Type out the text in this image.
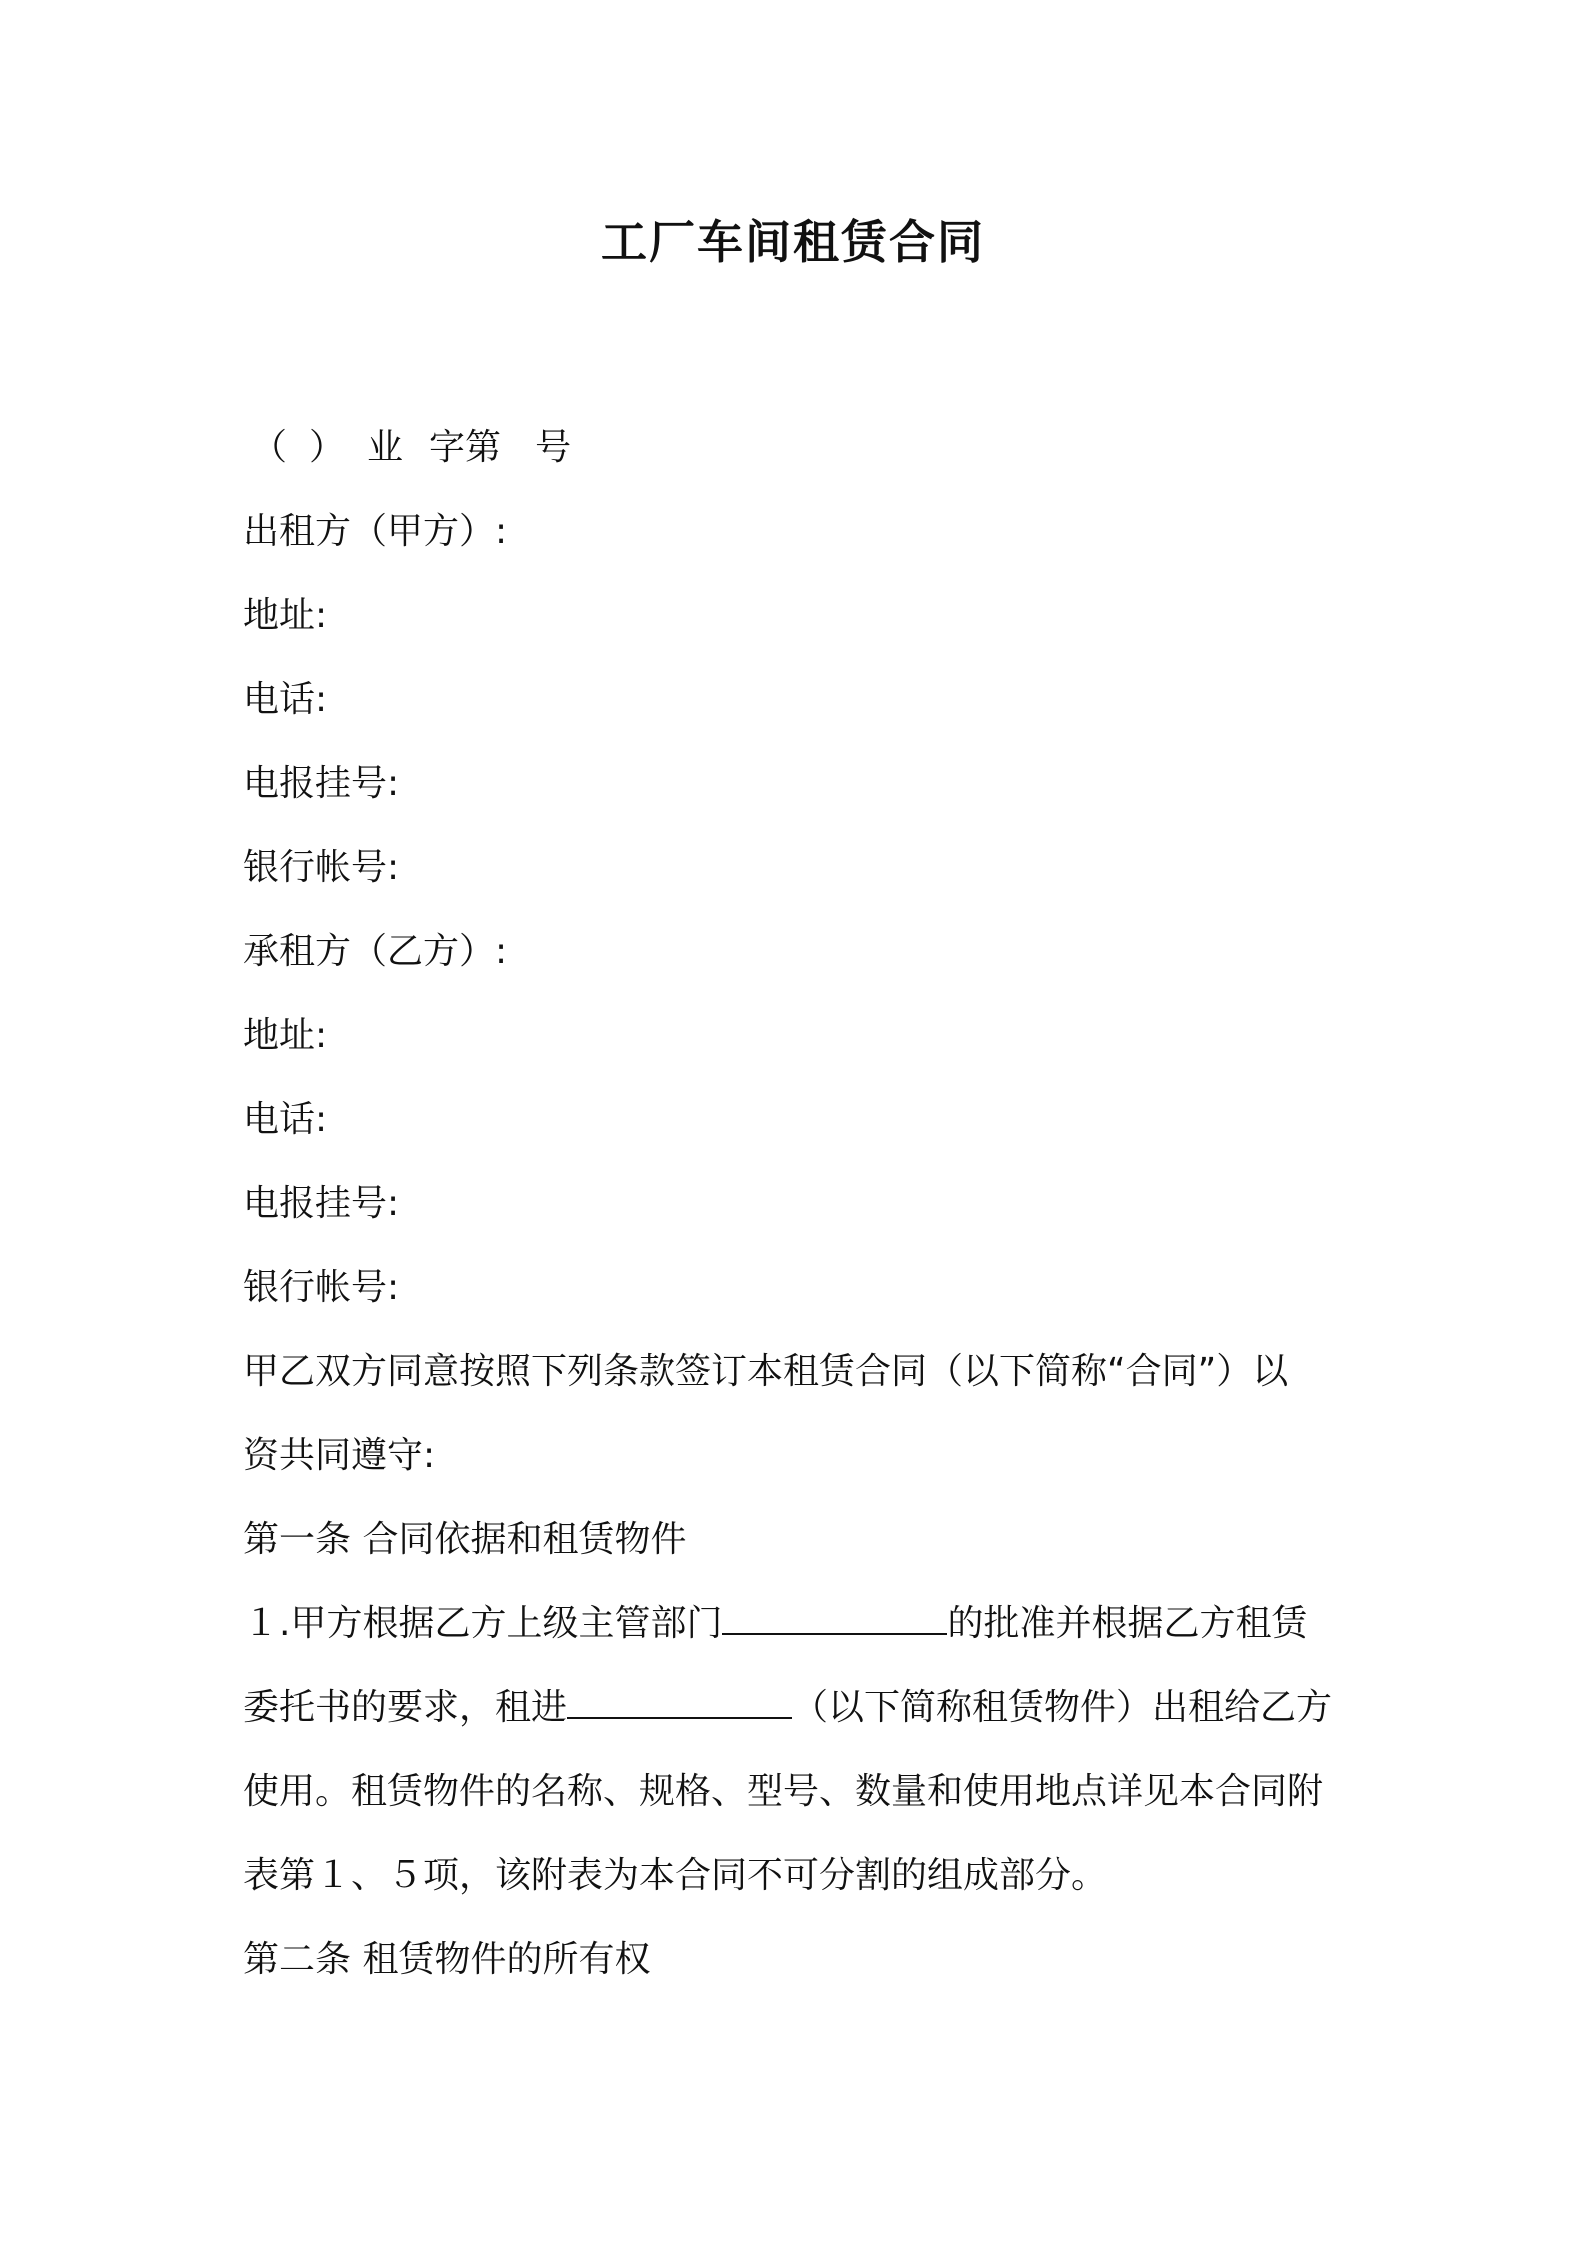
工厂车间租赁合同
（ ） 业 字第 号
出租方（甲方）:
地址:
电话:
电报挂号:
银行帐号:
承租方（乙方）:
地址:
电话:
电报挂号:
银行帐号:
甲乙双方同意按照下列条款签订本租赁合同（以下简称“合同”）以
资共同遵守:
第一条 合同依据和租赁物件
１.甲方根据乙方上级主管部门	的批准并根据乙方租赁
委托书的要求，租进	（以下简称租赁物件）出租给乙方
使用。租赁物件的名称、规格、型号、数量和使用地点详见本合同附
表第１、５项，该附表为本合同不可分割的组成部分。
第二条 租赁物件的所有权
